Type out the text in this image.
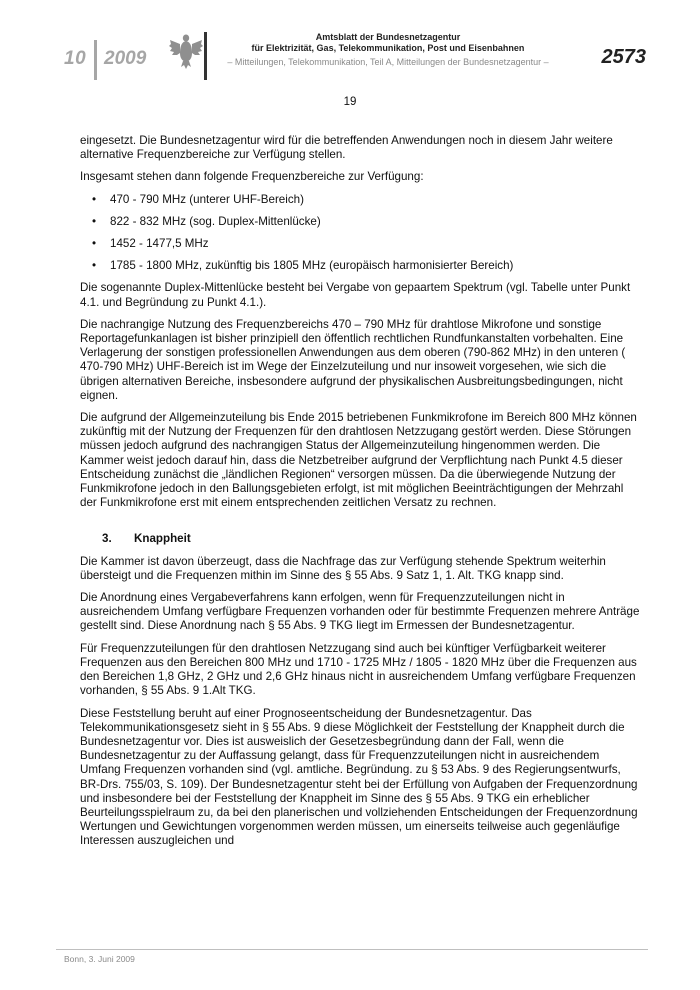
10 2009
Amtsblatt der Bundesnetzagentur
für Elektrizität, Gas, Telekommunikation, Post und Eisenbahnen
– Mitteilungen, Telekommunikation, Teil A, Mitteilungen der Bundesnetzagentur –	2573
19

eingesetzt. Die Bundesnetzagentur wird für die betreffenden Anwendungen noch in diesem Jahr weitere alternative Frequenzbereiche zur Verfügung stellen.

Insgesamt stehen dann folgende Frequenzbereiche zur Verfügung:

• 470 - 790 MHz (unterer UHF-Bereich)
• 822 - 832 MHz (sog. Duplex-Mittenlücke)
• 1452 - 1477,5 MHz
• 1785 - 1800 MHz, zukünftig bis 1805 MHz (europäisch harmonisierter Bereich)

Die sogenannte Duplex-Mittenlücke besteht bei Vergabe von gepaartem Spektrum (vgl. Tabelle unter Punkt 4.1. und Begründung zu Punkt 4.1.).

Die nachrangige Nutzung des Frequenzbereichs 470 – 790 MHz für drahtlose Mikrofone und sonstige Reportagefunkanlagen ist bisher prinzipiell den öffentlich rechtlichen Rundfunkanstalten vorbehalten. Eine Verlagerung der sonstigen professionellen Anwendungen aus dem oberen (790-862 MHz) in den unteren ( 470-790 MHz) UHF-Bereich ist im Wege der Einzelzuteilung und nur insoweit vorgesehen, wie sich die übrigen alternativen Bereiche, insbesondere aufgrund der physikalischen Ausbreitungsbedingungen, nicht eignen.

Die aufgrund der Allgemeinzuteilung bis Ende 2015 betriebenen Funkmikrofone im Bereich 800 MHz können zukünftig mit der Nutzung der Frequenzen für den drahtlosen Netzzugang gestört werden. Diese Störungen müssen jedoch aufgrund des nachrangigen Status der Allgemeinzuteilung hingenommen werden. Die Kammer weist jedoch darauf hin, dass die Netzbetreiber aufgrund der Verpflichtung nach Punkt 4.5 dieser Entscheidung zunächst die „ländlichen Regionen“ versorgen müssen. Da die überwiegende Nutzung der Funkmikrofone jedoch in den Ballungsgebieten erfolgt, ist mit möglichen Beeinträchtigungen der Mehrzahl der Funkmikrofone erst mit einem entsprechenden zeitlichen Versatz zu rechnen.

3. Knappheit

Die Kammer ist davon überzeugt, dass die Nachfrage das zur Verfügung stehende Spektrum weiterhin übersteigt und die Frequenzen mithin im Sinne des § 55 Abs. 9 Satz 1, 1. Alt. TKG knapp sind.

Die Anordnung eines Vergabeverfahrens kann erfolgen, wenn für Frequenzzuteilungen nicht in ausreichendem Umfang verfügbare Frequenzen vorhanden oder für bestimmte Frequenzen mehrere Anträge gestellt sind. Diese Anordnung nach § 55 Abs. 9 TKG liegt im Ermessen der Bundesnetzagentur.

Für Frequenzzuteilungen für den drahtlosen Netzzugang sind auch bei künftiger Verfügbarkeit weiterer Frequenzen aus den Bereichen 800 MHz und 1710 - 1725 MHz / 1805 - 1820 MHz über die Frequenzen aus den Bereichen 1,8 GHz, 2 GHz und 2,6 GHz hinaus nicht in ausreichendem Umfang verfügbare Frequenzen vorhanden, § 55 Abs. 9 1.Alt TKG.

Diese Feststellung beruht auf einer Prognoseentscheidung der Bundesnetzagentur. Das Telekommunikationsgesetz sieht in § 55 Abs. 9 diese Möglichkeit der Feststellung der Knappheit durch die Bundesnetzagentur vor. Dies ist ausweislich der Gesetzesbegründung dann der Fall, wenn die Bundesnetzagentur zu der Auffassung gelangt, dass für Frequenzzuteilungen nicht in ausreichendem Umfang Frequenzen vorhanden sind (vgl. amtliche. Begründung. zu § 53 Abs. 9 des Regierungsentwurfs, BR-Drs. 755/03, S. 109). Der Bundesnetzagentur steht bei der Erfüllung von Aufgaben der Frequenzordnung und insbesondere bei der Feststellung der Knappheit im Sinne des § 55 Abs. 9 TKG ein erheblicher Beurteilungsspielraum zu, da bei den planerischen und vollziehenden Entscheidungen der Frequenzordnung Wertungen und Gewichtungen vorgenommen werden müssen, um einerseits teilweise auch gegenläufige Interessen auszugleichen und

Bonn, 3. Juni 2009
